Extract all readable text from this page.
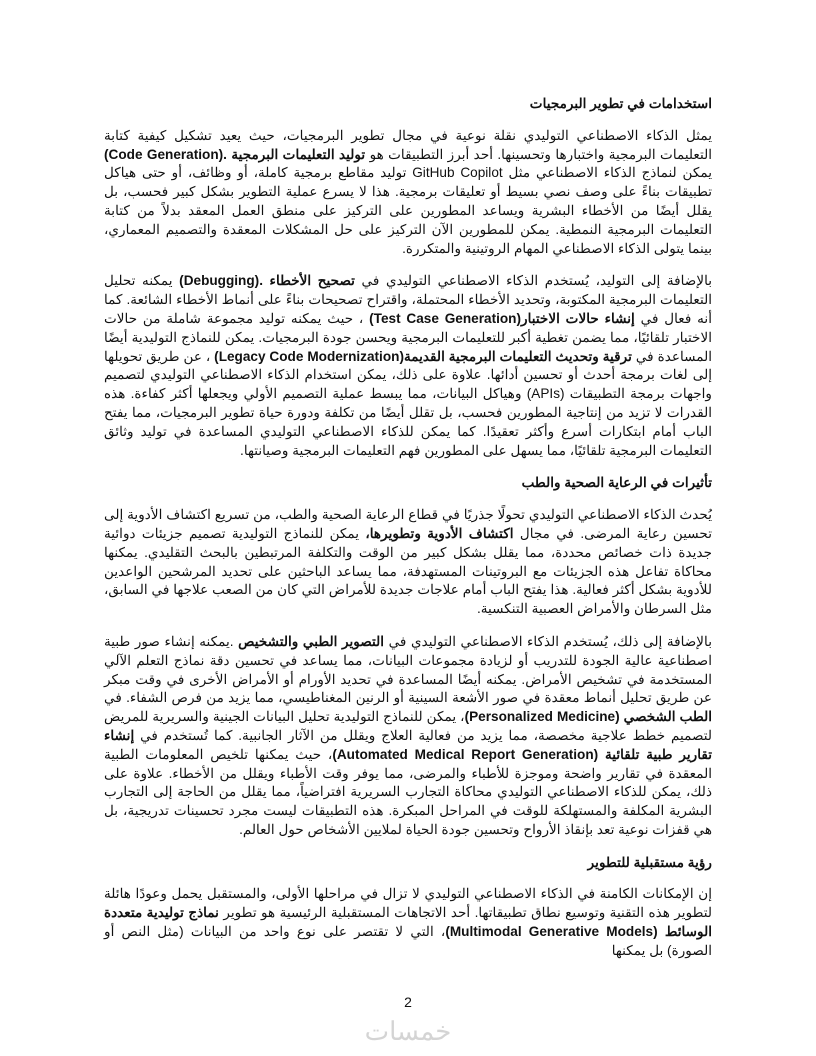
استخدامات في تطوير البرمجيات

يمثل الذكاء الاصطناعي التوليدي نقلة نوعية في مجال تطوير البرمجيات، حيث يعيد تشكيل كيفية كتابة التعليمات البرمجية واختبارها وتحسينها. أحد أبرز التطبيقات هو توليد التعليمات البرمجية .(Code Generation) يمكن لنماذج الذكاء الاصطناعي مثل GitHub Copilot توليد مقاطع برمجية كاملة، أو وظائف، أو حتى هياكل تطبيقات بناءً على وصف نصي بسيط أو تعليقات برمجية. هذا لا يسرع عملية التطوير بشكل كبير فحسب، بل يقلل أيضًا من الأخطاء البشرية ويساعد المطورين على التركيز على منطق العمل المعقد بدلاً من كتابة التعليمات البرمجية النمطية. يمكن للمطورين الآن التركيز على حل المشكلات المعقدة والتصميم المعماري، بينما يتولى الذكاء الاصطناعي المهام الروتينية والمتكررة.

بالإضافة إلى التوليد، يُستخدم الذكاء الاصطناعي التوليدي في تصحيح الأخطاء .(Debugging) يمكنه تحليل التعليمات البرمجية المكتوبة، وتحديد الأخطاء المحتملة، واقتراح تصحيحات بناءً على أنماط الأخطاء الشائعة. كما أنه فعال في إنشاء حالات الاختبار(Test Case Generation) ، حيث يمكنه توليد مجموعة شاملة من حالات الاختبار تلقائيًا، مما يضمن تغطية أكبر للتعليمات البرمجية ويحسن جودة البرمجيات. يمكن للنماذج التوليدية أيضًا المساعدة في ترقية وتحديث التعليمات البرمجية القديمة(Legacy Code Modernization) ، عن طريق تحويلها إلى لغات برمجة أحدث أو تحسين أدائها. علاوة على ذلك، يمكن استخدام الذكاء الاصطناعي التوليدي لتصميم واجهات برمجة التطبيقات (APIs) وهياكل البيانات، مما يبسط عملية التصميم الأولي ويجعلها أكثر كفاءة. هذه القدرات لا تزيد من إنتاجية المطورين فحسب، بل تقلل أيضًا من تكلفة ودورة حياة تطوير البرمجيات، مما يفتح الباب أمام ابتكارات أسرع وأكثر تعقيدًا. كما يمكن للذكاء الاصطناعي التوليدي المساعدة في توليد وثائق التعليمات البرمجية تلقائيًا، مما يسهل على المطورين فهم التعليمات البرمجية وصيانتها.

تأثيرات في الرعاية الصحية والطب

يُحدث الذكاء الاصطناعي التوليدي تحولًا جذريًا في قطاع الرعاية الصحية والطب، من تسريع اكتشاف الأدوية إلى تحسين رعاية المرضى. في مجال اكتشاف الأدوية وتطويرها، يمكن للنماذج التوليدية تصميم جزيئات دوائية جديدة ذات خصائص محددة، مما يقلل بشكل كبير من الوقت والتكلفة المرتبطين بالبحث التقليدي. يمكنها محاكاة تفاعل هذه الجزيئات مع البروتينات المستهدفة، مما يساعد الباحثين على تحديد المرشحين الواعدين للأدوية بشكل أكثر فعالية. هذا يفتح الباب أمام علاجات جديدة للأمراض التي كان من الصعب علاجها في السابق، مثل السرطان والأمراض العصبية التنكسية.

بالإضافة إلى ذلك، يُستخدم الذكاء الاصطناعي التوليدي في التصوير الطبي والتشخيص .يمكنه إنشاء صور طبية اصطناعية عالية الجودة للتدريب أو لزيادة مجموعات البيانات، مما يساعد في تحسين دقة نماذج التعلم الآلي المستخدمة في تشخيص الأمراض. يمكنه أيضًا المساعدة في تحديد الأورام أو الأمراض الأخرى في وقت مبكر عن طريق تحليل أنماط معقدة في صور الأشعة السينية أو الرنين المغناطيسي، مما يزيد من فرص الشفاء. في الطب الشخصي (Personalized Medicine)، يمكن للنماذج التوليدية تحليل البيانات الجينية والسريرية للمريض لتصميم خطط علاجية مخصصة، مما يزيد من فعالية العلاج ويقلل من الآثار الجانبية. كما تُستخدم في إنشاء تقارير طبية تلقائية (Automated Medical Report Generation)، حيث يمكنها تلخيص المعلومات الطبية المعقدة في تقارير واضحة وموجزة للأطباء والمرضى، مما يوفر وقت الأطباء ويقلل من الأخطاء. علاوة على ذلك، يمكن للذكاء الاصطناعي التوليدي محاكاة التجارب السريرية افتراضياً، مما يقلل من الحاجة إلى التجارب البشرية المكلفة والمستهلكة للوقت في المراحل المبكرة. هذه التطبيقات ليست مجرد تحسينات تدريجية، بل هي قفزات نوعية تعد بإنقاذ الأرواح وتحسين جودة الحياة لملايين الأشخاص حول العالم.

رؤية مستقبلية للتطوير

إن الإمكانات الكامنة في الذكاء الاصطناعي التوليدي لا تزال في مراحلها الأولى، والمستقبل يحمل وعودًا هائلة لتطوير هذه التقنية وتوسيع نطاق تطبيقاتها. أحد الاتجاهات المستقبلية الرئيسية هو تطوير نماذج توليدية متعددة الوسائط (Multimodal Generative Models)، التي لا تقتصر على نوع واحد من البيانات (مثل النص أو الصورة) بل يمكنها

2
خمسات
